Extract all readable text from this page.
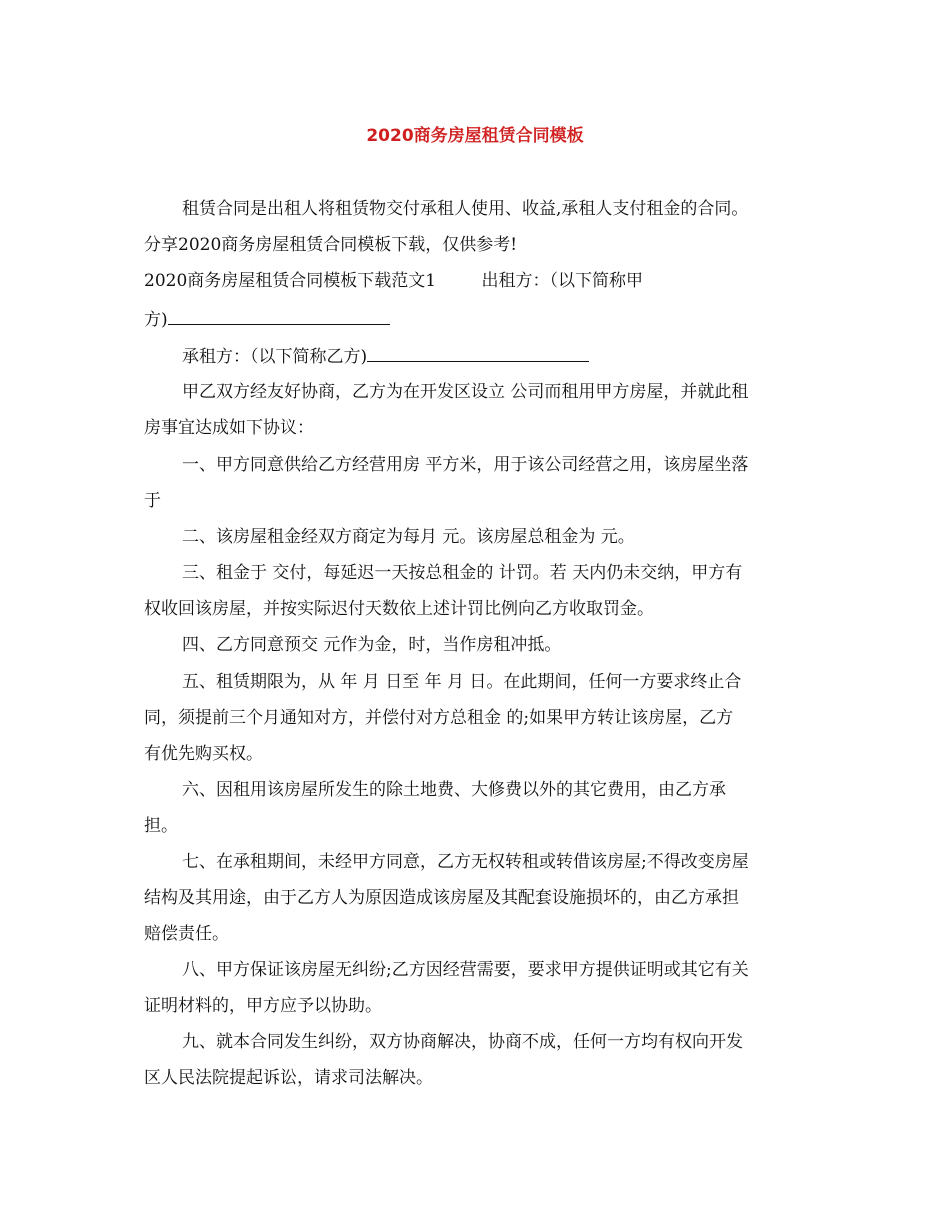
2020商务房屋租赁合同模板
租赁合同是出租人将租赁物交付承租人使用、收益,承租人支付租金的合同。
分享2020商务房屋租赁合同模板下载，仅供参考!
2020商务房屋租赁合同模板下载范文1	出租方：（以下简称甲
方)
承租方：（以下简称乙方)
甲乙双方经友好协商，乙方为在开发区设立 公司而租用甲方房屋，并就此租
房事宜达成如下协议：
一、甲方同意供给乙方经营用房 平方米，用于该公司经营之用，该房屋坐落
于
二、该房屋租金经双方商定为每月 元。该房屋总租金为 元。
三、租金于 交付，每延迟一天按总租金的 计罚。若 天内仍未交纳，甲方有
权收回该房屋，并按实际迟付天数依上述计罚比例向乙方收取罚金。
四、乙方同意预交 元作为金，时，当作房租冲抵。
五、租赁期限为，从 年 月 日至 年 月 日。在此期间，任何一方要求终止合
同，须提前三个月通知对方，并偿付对方总租金 的;如果甲方转让该房屋，乙方
有优先购买权。
六、因租用该房屋所发生的除土地费、大修费以外的其它费用，由乙方承
担。
七、在承租期间，未经甲方同意，乙方无权转租或转借该房屋;不得改变房屋
结构及其用途，由于乙方人为原因造成该房屋及其配套设施损坏的，由乙方承担
赔偿责任。
八、甲方保证该房屋无纠纷;乙方因经营需要，要求甲方提供证明或其它有关
证明材料的，甲方应予以协助。
九、就本合同发生纠纷，双方协商解决，协商不成，任何一方均有权向开发
区人民法院提起诉讼，请求司法解决。
